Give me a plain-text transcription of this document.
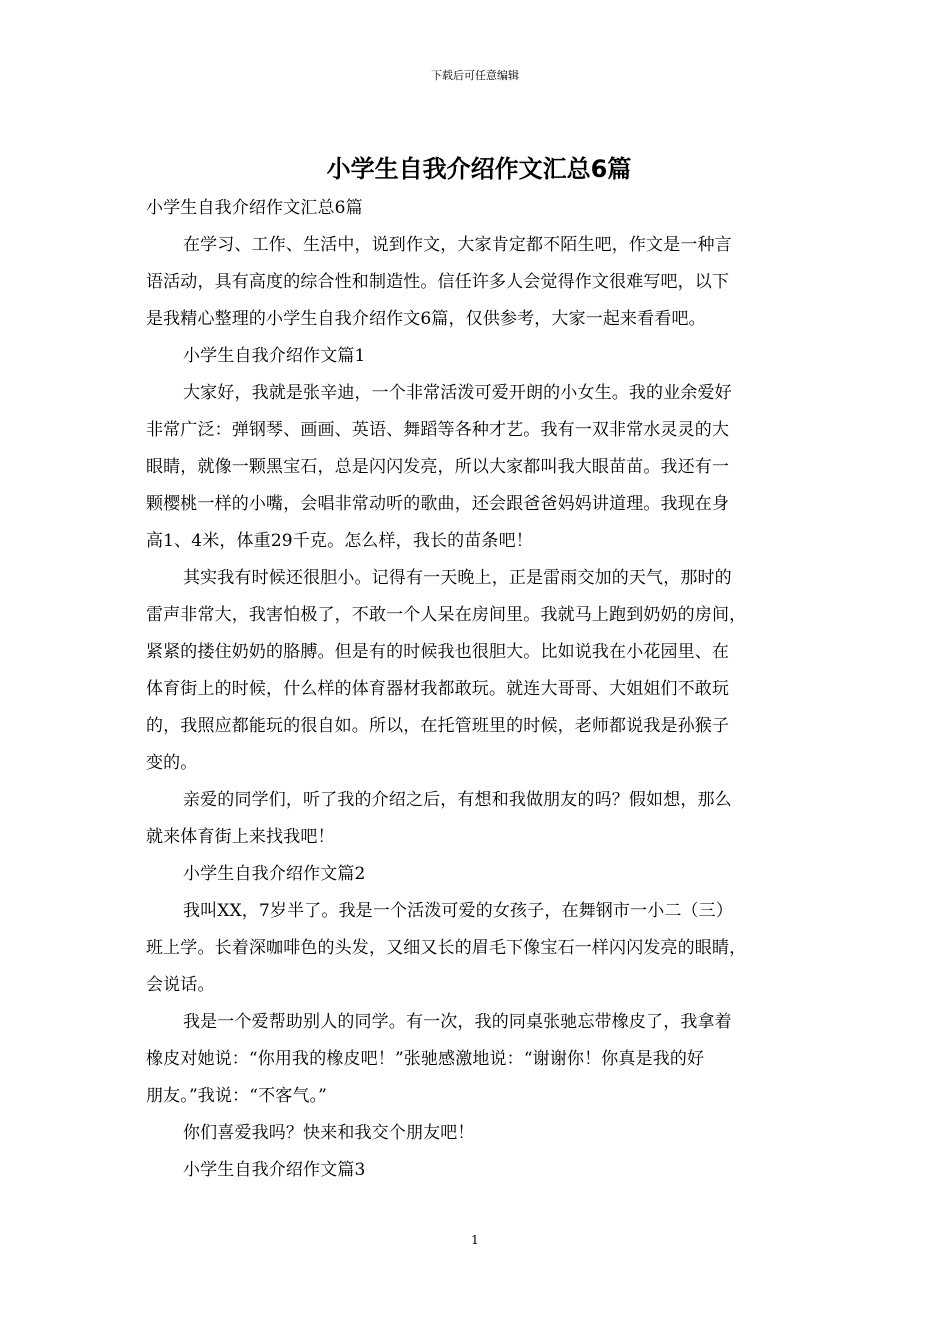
下载后可任意编辑
小学生自我介绍作文汇总6篇
小学生自我介绍作文汇总6篇
在学习、工作、生活中，说到作文，大家肯定都不陌生吧，作文是一种言
语活动，具有高度的综合性和制造性。信任许多人会觉得作文很难写吧，以下
是我精心整理的小学生自我介绍作文6篇，仅供参考，大家一起来看看吧。
小学生自我介绍作文篇1
大家好，我就是张辛迪，一个非常活泼可爱开朗的小女生。我的业余爱好
非常广泛：弹钢琴、画画、英语、舞蹈等各种才艺。我有一双非常水灵灵的大
眼睛，就像一颗黑宝石，总是闪闪发亮，所以大家都叫我大眼苗苗。我还有一
颗樱桃一样的小嘴，会唱非常动听的歌曲，还会跟爸爸妈妈讲道理。我现在身
高1、4米，体重29千克。怎么样，我长的苗条吧！
其实我有时候还很胆小。记得有一天晚上，正是雷雨交加的天气，那时的
雷声非常大，我害怕极了，不敢一个人呆在房间里。我就马上跑到奶奶的房间，
紧紧的搂住奶奶的胳膊。但是有的时候我也很胆大。比如说我在小花园里、在
体育街上的时候，什么样的体育器材我都敢玩。就连大哥哥、大姐姐们不敢玩
的，我照应都能玩的很自如。所以，在托管班里的时候，老师都说我是孙猴子
变的。
亲爱的同学们，听了我的介绍之后，有想和我做朋友的吗？假如想，那么
就来体育街上来找我吧！
小学生自我介绍作文篇2
我叫XX，7岁半了。我是一个活泼可爱的女孩子，在舞钢市一小二（三）
班上学。长着深咖啡色的头发，又细又长的眉毛下像宝石一样闪闪发亮的眼睛，
会说话。
我是一个爱帮助别人的同学。有一次，我的同桌张驰忘带橡皮了，我拿着
橡皮对她说：“你用我的橡皮吧！”张驰感激地说：“谢谢你！你真是我的好
朋友。”我说：“不客气。”
你们喜爱我吗？快来和我交个朋友吧！
小学生自我介绍作文篇3
1
